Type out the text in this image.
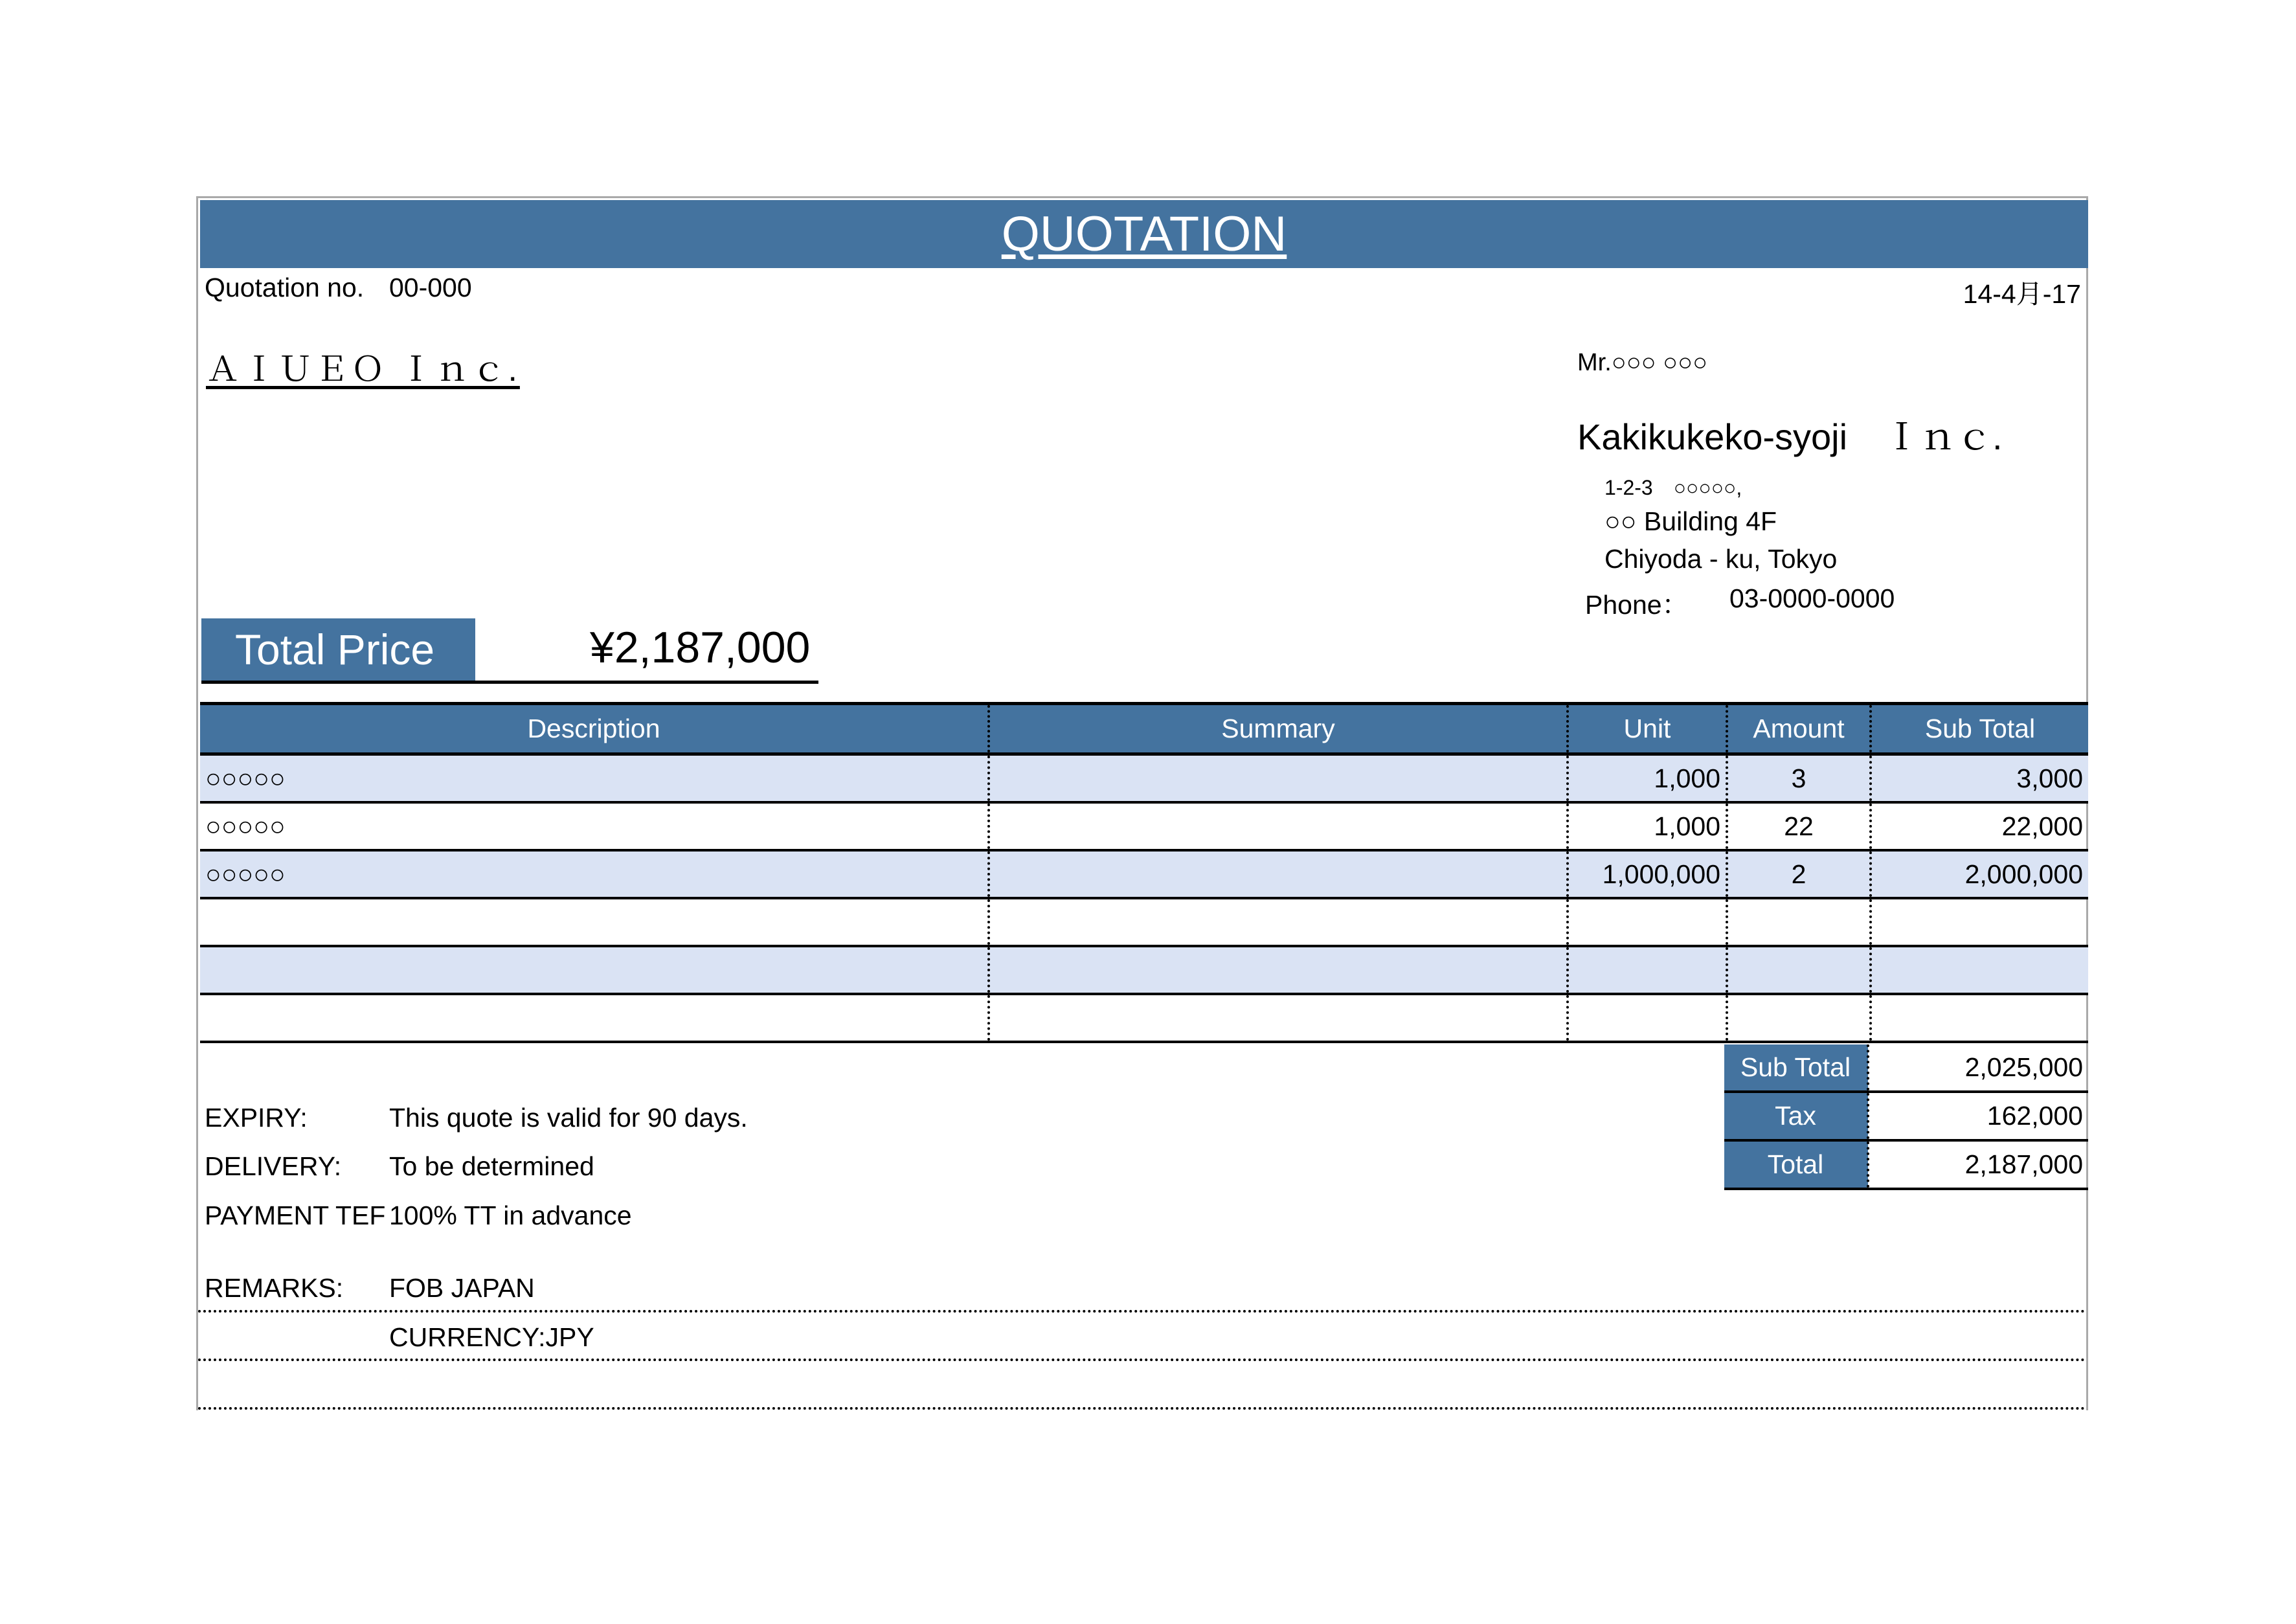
QUOTATION
Quotation no. 00-000	14-4月-17
ＡＩＵＥＯ Ｉｎｃ.	Mr.○○○ ○○○
Kakikukeko-syoji　Ｉｎｃ.
1-2-3　○○○○○,
○○ Building 4F
Chiyoda - ku, Tokyo
Phone： 03-0000-0000
Total Price	¥2,187,000
Description	Summary	Unit	Amount	Sub Total
○○○○○		1,000	3	3,000
○○○○○		1,000	22	22,000
○○○○○		1,000,000	2	2,000,000

Sub Total	2,025,000
Tax	162,000
Total	2,187,000
EXPIRY:	This quote is valid for 90 days.
DELIVERY: To be determined
PAYMENT TEF 100% TT in advance
REMARKS: FOB JAPAN
CURRENCY:JPY
